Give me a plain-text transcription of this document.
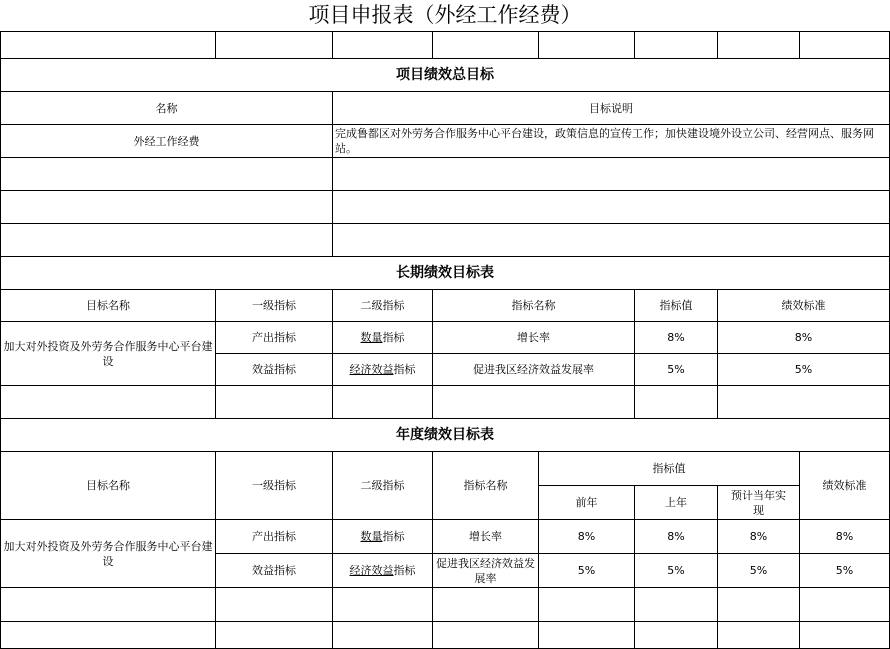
项目申报表（外经工作经费）

项目绩效总目标							
名称		目标说明					
外经工作经费		完成鲁都区对外劳务合作服务中心平台建设，政策信息的宣传工作；加快建设境外设立公司、经营网点、服务网站。					

长期绩效目标表							
目标名称	一级指标	二级指标	指标名称		指标值	绩效标准	
加大对外投资及外劳务合作服务中心平台建设	产出指标	数量指标	增长率		8%	8%	
	效益指标	经济效益指标	促进我区经济效益发展率		5%	5%	

年度绩效目标表							
目标名称	一级指标	二级指标	指标名称	指标值			绩效标准
				前年	上年	预计当年实现	
加大对外投资及外劳务合作服务中心平台建设	产出指标	数量指标	增长率	8%	8%	8%	8%
	效益指标	经济效益指标	促进我区经济效益发展率	5%	5%	5%	5%
